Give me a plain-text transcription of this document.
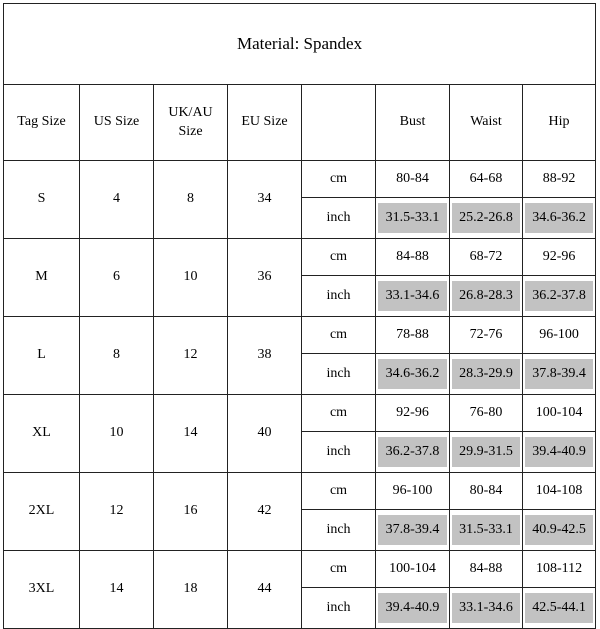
Material: Spandex							
Tag Size	US Size	UK/AU Size	EU Size		Bust	Waist	Hip
S	4	8	34	cm	80-84	64-68	88-92
				inch	31.5-33.1	25.2-26.8	34.6-36.2

M	6	10	36	cm	84-88	68-72	92-96
				inch	33.1-34.6	26.8-28.3	36.2-37.8

L	8	12	38	cm	78-88	72-76	96-100
				inch	34.6-36.2	28.3-29.9	37.8-39.4

XL	10	14	40	cm	92-96	76-80	100-104
				inch	36.2-37.8	29.9-31.5	39.4-40.9

2XL	12	16	42	cm	96-100	80-84	104-108
				inch	37.8-39.4	31.5-33.1	40.9-42.5

3XL	14	18	44	cm	100-104	84-88	108-112
				inch	39.4-40.9	33.1-34.6	42.5-44.1
